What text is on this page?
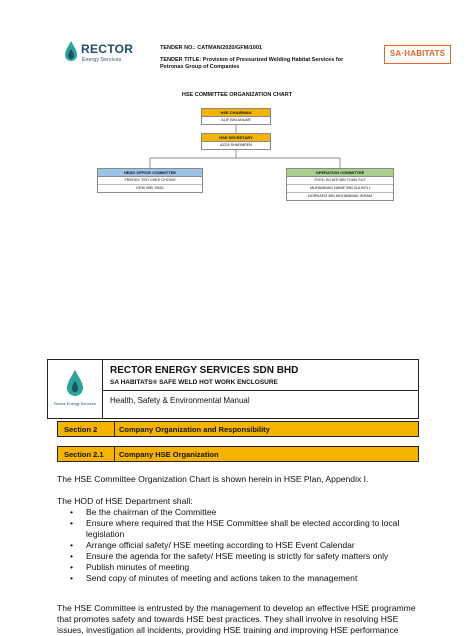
RECTOR
Energy Services
TENDER NO.: CATMAN/2020/GFM/1001
TENDER TITLE: Provision of Pressurized Welding Habitat Services for
Petronas Group of Companies
SA·HABITATS
HSE COMMITTEE ORGANIZATION CHART
HSE CHAIRMAN
ALIF BIN ANUAR
HSE SECRETARY
AZZA SHARMEEN
HEAD OFFICE COMMITTEE
FREDDY TSO CHEE CHONG
KEW WEI SING
OPERATION COMMITTEE
SYED SUJATI BIN TUAN SUT
MUHAMMAD HANIF BIN ZULKIFLI
NORHAFIZ BIN MOHAMMAD IKRAM
Rector Energy Services
RECTOR ENERGY SERVICES SDN BHD
SA HABITATS® SAFE WELD HOT WORK ENCLOSURE
Health, Safety & Environmental Manual
Section 2	Company Organization and Responsibility
Section 2.1 Company HSE Organization
The HSE Committee Organization Chart is shown herein in HSE Plan, Appendix I.
The HOD of HSE Department shall:
• Be the chairman of the Committee
• Ensure where required that the HSE Committee shall be elected according to local legislation
• Arrange official safety/ HSE meeting according to HSE Event Calendar
• Ensure the agenda for the safety/ HSE meeting is strictly for safety matters only
• Publish minutes of meeting
• Send copy of minutes of meeting and actions taken to the management
The HSE Committee is entrusted by the management to develop an effective HSE programme
that promotes safety and towards HSE best practices. They shall involve in resolving HSE
issues, investigation all incidents, providing HSE training and improving HSE performance
